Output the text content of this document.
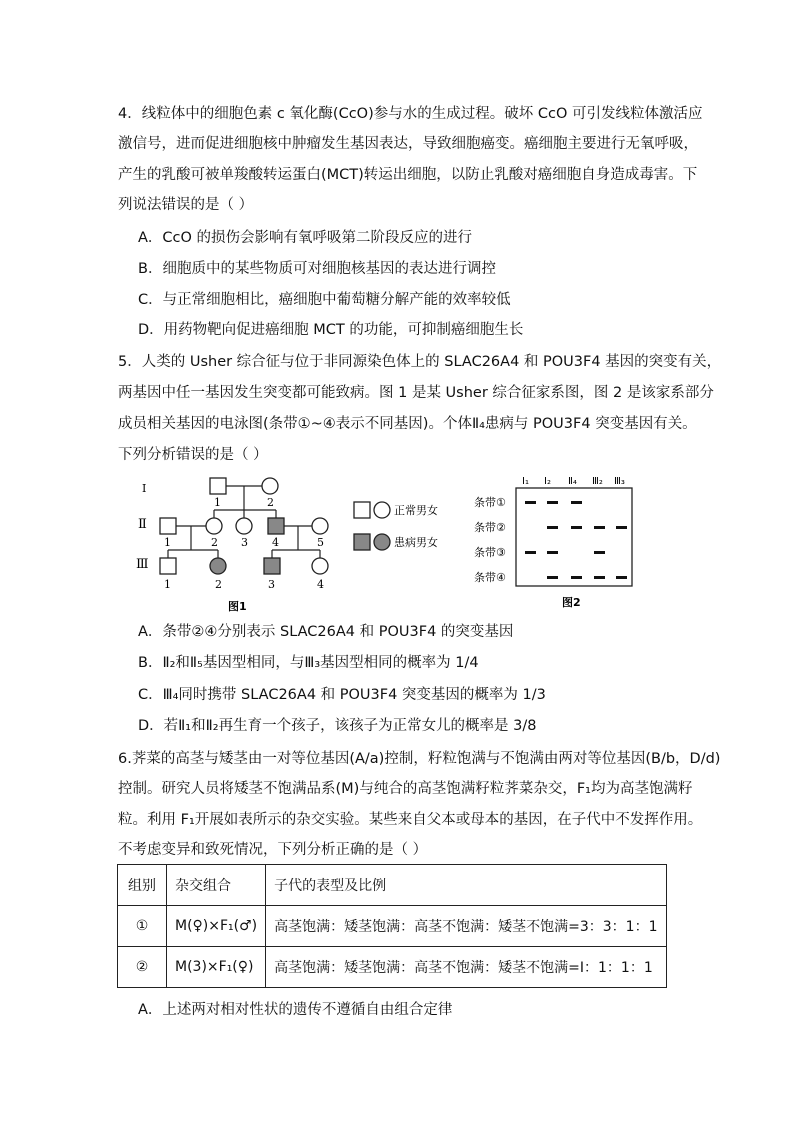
4．线粒体中的细胞色素 c 氧化酶(CcO)参与水的生成过程。破坏 CcO 可引发线粒体激活应
激信号，进而促进细胞核中肿瘤发生基因表达，导致细胞癌变。癌细胞主要进行无氧呼吸，
产生的乳酸可被单羧酸转运蛋白(MCT)转运出细胞，以防止乳酸对癌细胞自身造成毒害。下
列说法错误的是（ ）
A．CcO 的损伤会影响有氧呼吸第二阶段反应的进行
B．细胞质中的某些物质可对细胞核基因的表达进行调控
C．与正常细胞相比，癌细胞中葡萄糖分解产能的效率较低
D．用药物靶向促进癌细胞 MCT 的功能，可抑制癌细胞生长
5．人类的 Usher 综合征与位于非同源染色体上的 SLAC26A4 和 POU3F4 基因的突变有关，
两基因中任一基因发生突变都可能致病。图 1 是某 Usher 综合征家系图，图 2 是该家系部分
成员相关基因的电泳图(条带①~④表示不同基因)。个体Ⅱ₄患病与 POU3F4 突变基因有关。
下列分析错误的是（ ）
Ⅰ
Ⅱ
Ⅲ
1	2
1	2 3 4	5
1	2	3	4
正常男女
患病男女
图1
Ⅰ₁ Ⅰ₂ Ⅱ₄ Ⅲ₂ Ⅲ₃
条带①
条带②
条带③
条带④
图2
A．条带②④分别表示 SLAC26A4 和 POU3F4 的突变基因
B．Ⅱ₂和Ⅱ₅基因型相同，与Ⅲ₃基因型相同的概率为 1/4
C．Ⅲ₄同时携带 SLAC26A4 和 POU3F4 突变基因的概率为 1/3
D．若Ⅱ₁和Ⅱ₂再生育一个孩子，该孩子为正常女儿的概率是 3/8
6.荠菜的高茎与矮茎由一对等位基因(A/a)控制，籽粒饱满与不饱满由两对等位基因(B/b，D/d)
控制。研究人员将矮茎不饱满品系(M)与纯合的高茎饱满籽粒荠菜杂交，F₁均为高茎饱满籽
粒。利用 F₁开展如表所示的杂交实验。某些来自父本或母本的基因，在子代中不发挥作用。
不考虑变异和致死情况，下列分析正确的是（ ）
组别	杂交组合	子代的表型及比例
①	M(♀)×F₁(♂)	高茎饱满：矮茎饱满：高茎不饱满：矮茎不饱满=3：3：1：1
②	M(3)×F₁(♀)	高茎饱满：矮茎饱满：高茎不饱满：矮茎不饱满=I：1：1：1
A．上述两对相对性状的遗传不遵循自由组合定律
